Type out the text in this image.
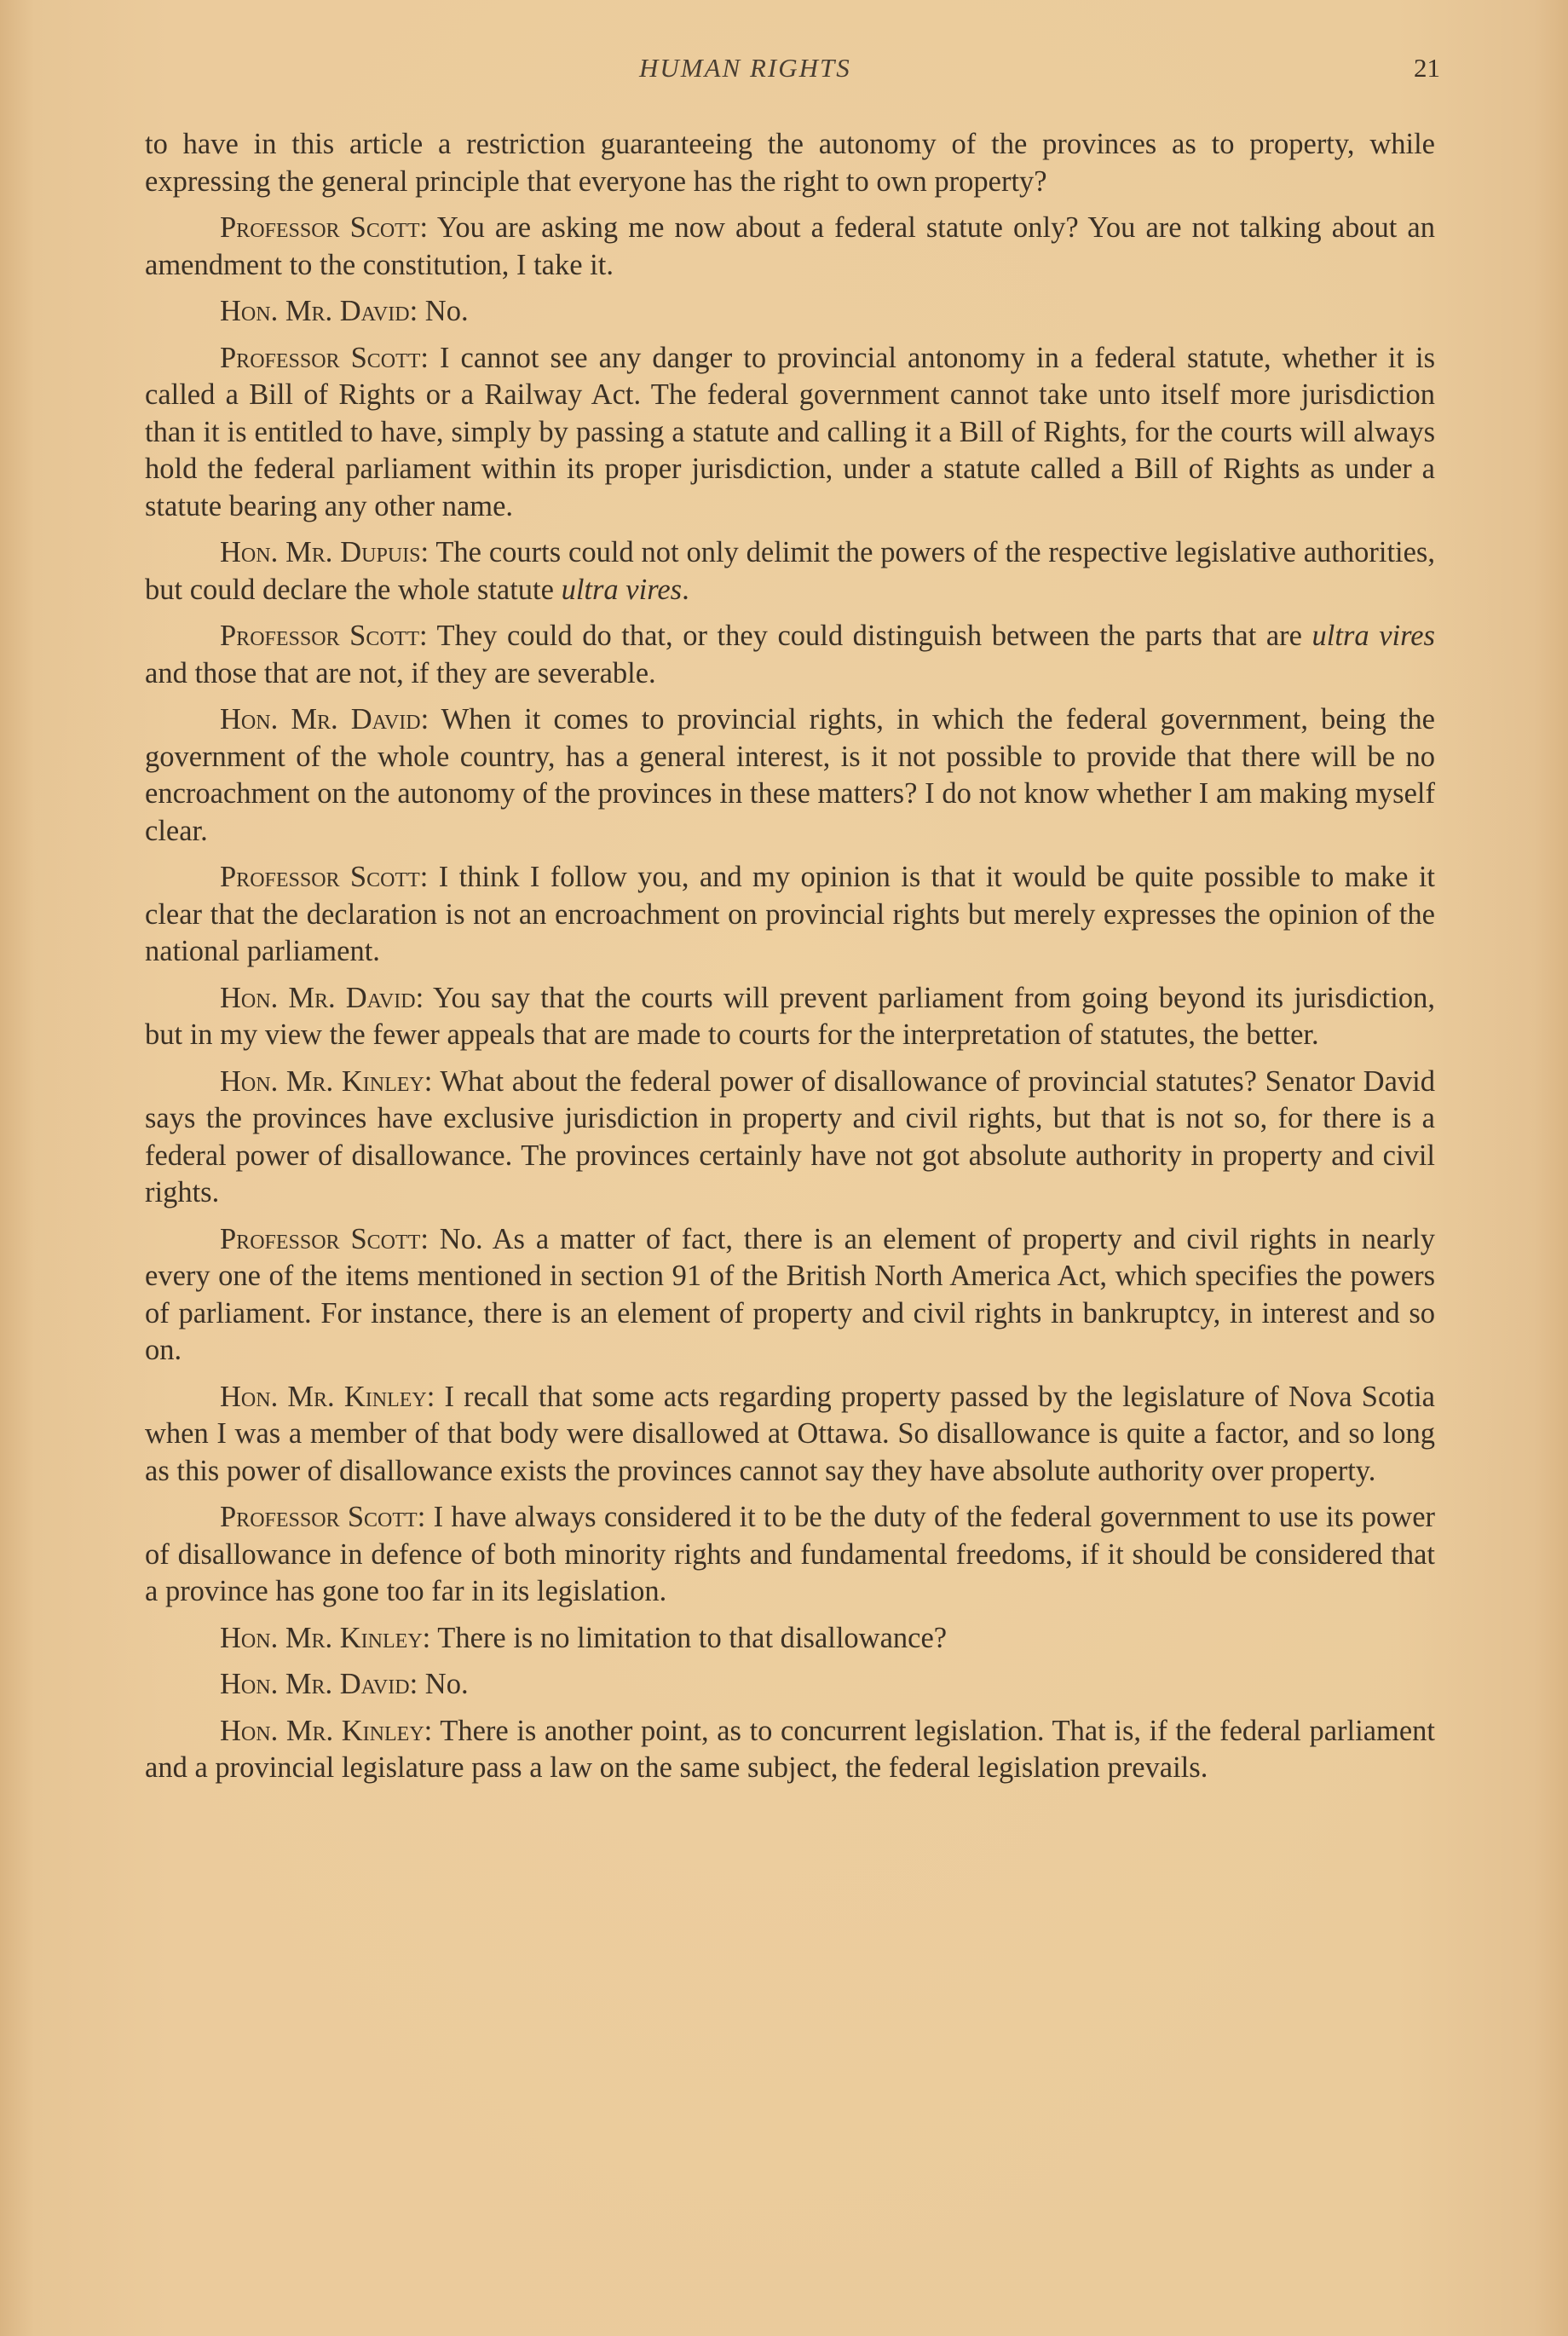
HUMAN RIGHTS	21

to have in this article a restriction guaranteeing the autonomy of the provinces as to property, while expressing the general principle that everyone has the right to own property?

Professor Scott: You are asking me now about a federal statute only? You are not talking about an amendment to the constitution, I take it.

Hon. Mr. David: No.

Professor Scott: I cannot see any danger to provincial antonomy in a federal statute, whether it is called a Bill of Rights or a Railway Act. The federal government cannot take unto itself more jurisdiction than it is entitled to have, simply by passing a statute and calling it a Bill of Rights, for the courts will always hold the federal parliament within its proper jurisdiction, under a statute called a Bill of Rights as under a statute bearing any other name.

Hon. Mr. Dupuis: The courts could not only delimit the powers of the respective legislative authorities, but could declare the whole statute ultra vires.

Professor Scott: They could do that, or they could distinguish between the parts that are ultra vires and those that are not, if they are severable.

Hon. Mr. David: When it comes to provincial rights, in which the federal government, being the government of the whole country, has a general interest, is it not possible to provide that there will be no encroachment on the autonomy of the provinces in these matters? I do not know whether I am making myself clear.

Professor Scott: I think I follow you, and my opinion is that it would be quite possible to make it clear that the declaration is not an encroachment on provincial rights but merely expresses the opinion of the national parliament.

Hon. Mr. David: You say that the courts will prevent parliament from going beyond its jurisdiction, but in my view the fewer appeals that are made to courts for the interpretation of statutes, the better.

Hon. Mr. Kinley: What about the federal power of disallowance of provincial statutes? Senator David says the provinces have exclusive jurisdiction in property and civil rights, but that is not so, for there is a federal power of disallowance. The provinces certainly have not got absolute authority in property and civil rights.

Professor Scott: No. As a matter of fact, there is an element of property and civil rights in nearly every one of the items mentioned in section 91 of the British North America Act, which specifies the powers of parliament. For instance, there is an element of property and civil rights in bankruptcy, in interest and so on.

Hon. Mr. Kinley: I recall that some acts regarding property passed by the legislature of Nova Scotia when I was a member of that body were disallowed at Ottawa. So disallowance is quite a factor, and so long as this power of disallowance exists the provinces cannot say they have absolute authority over property.

Professor Scott: I have always considered it to be the duty of the federal government to use its power of disallowance in defence of both minority rights and fundamental freedoms, if it should be considered that a province has gone too far in its legislation.

Hon. Mr. Kinley: There is no limitation to that disallowance?

Hon. Mr. David: No.

Hon. Mr. Kinley: There is another point, as to concurrent legislation. That is, if the federal parliament and a provincial legislature pass a law on the same subject, the federal legislation prevails.
